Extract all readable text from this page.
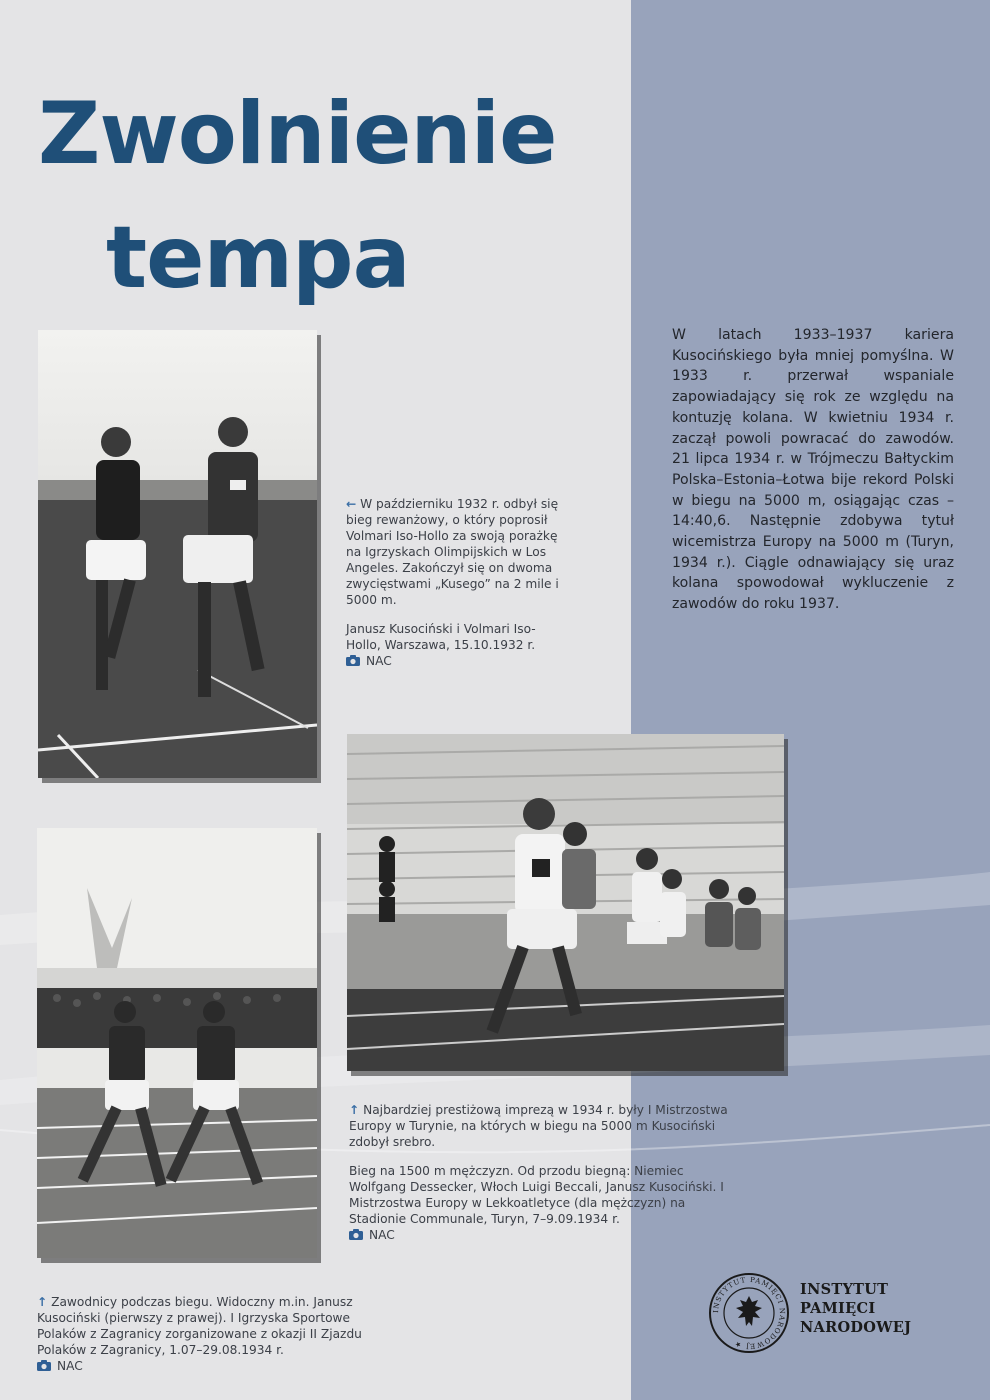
Zwolnienie
tempa

← W październiku 1932 r. odbył się bieg rewanżowy, o który poprosił Volmari Iso-Hollo za swoją porażkę na Igrzyskach Olimpijskich w Los Angeles. Zakończył się on dwoma zwycięstwami „Kusego” na 2 mile i 5000 m.

Janusz Kusociński i Volmari Iso-Hollo, Warszawa, 15.10.1932 r.

NAC

W latach 1933–1937 kariera Kusocińskiego była mniej pomyślna. W 1933 r. przerwał wspaniale zapowiadający się rok ze względu na kontuzję kolana. W kwietniu 1934 r. zaczął powoli powracać do zawodów. 21 lipca 1934 r. w Trójmeczu Bałtyckim Polska–Estonia–Łotwa bije rekord Polski w biegu na 5000 m, osiągając czas – 14:40,6. Następnie zdobywa tytuł wicemistrza Europy na 5000 m (Turyn, 1934 r.). Ciągle odnawiający się uraz kolana spowodował wykluczenie z zawodów do roku 1937.

↑ Najbardziej prestiżową imprezą w 1934 r. były I Mistrzostwa Europy w Turynie, na których w biegu na 5000 m Kusociński zdobył srebro.

Bieg na 1500 m mężczyzn. Od przodu biegną: Niemiec Wolfgang Dessecker, Włoch Luigi Beccali, Janusz Kusociński. I Mistrzostwa Europy w Lekkoatletyce (dla mężczyzn) na Stadionie Communale, Turyn, 7–9.09.1934 r.

NAC

↑ Zawodnicy podczas biegu. Widoczny m.in. Janusz Kusociński (pierwszy z prawej). I Igrzyska Sportowe Polaków z Zagranicy zorganizowane z okazji II Zjazdu Polaków z Zagranicy, 1.07–29.08.1934 r.

NAC

INSTYTUT PAMIĘCI NARODOWEJ ★
INSTYTUT
PAMIĘCI
NARODOWEJ
